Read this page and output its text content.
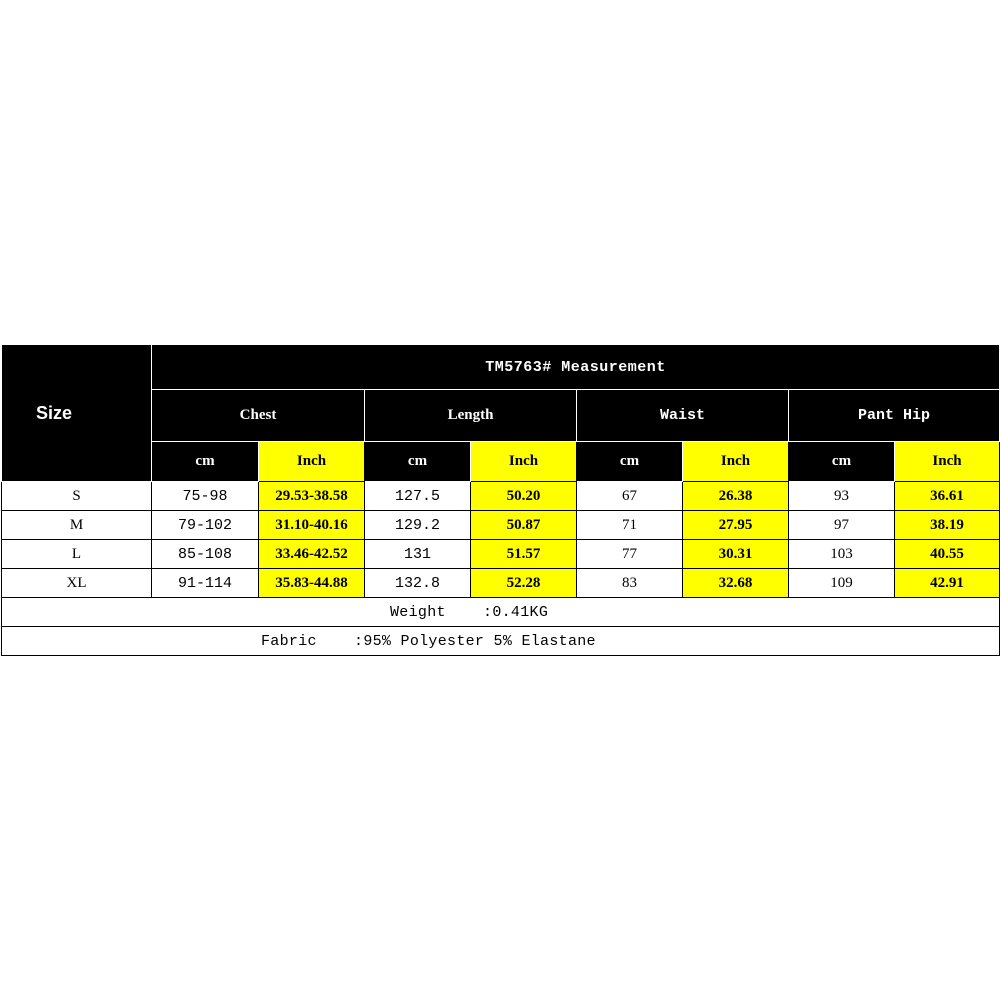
Size	TM5763# Measurement							
	Chest		Length		Waist		Pant Hip	
	cm	Inch	cm	Inch	cm	Inch	cm	Inch
S	75-98	29.53-38.58	127.5	50.20	67	26.38	93	36.61
M	79-102	31.10-40.16	129.2	50.87	71	27.95	97	38.19
L	85-108	33.46-42.52	131	51.57	77	30.31	103	40.55
XL	91-114	35.83-44.88	132.8	52.28	83	32.68	109	42.91
Weight    :0.41KG								
Fabric    :95% Polyester 5% Elastane								
